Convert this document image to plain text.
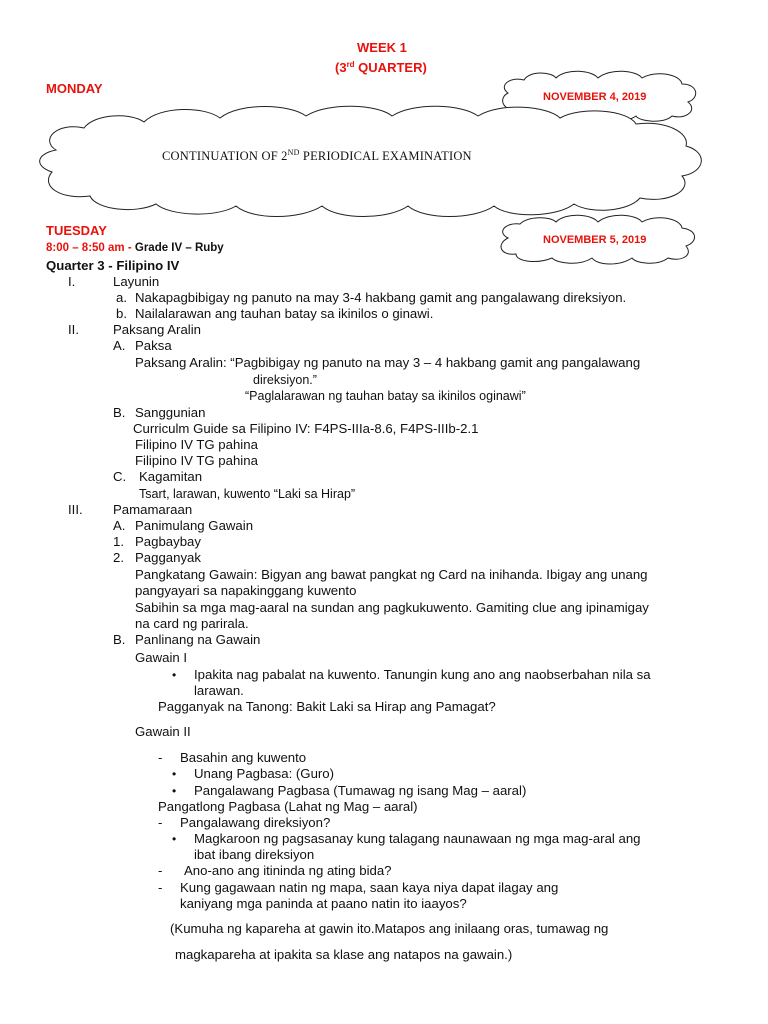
WEEK 1
(3rd QUARTER)
MONDAY
NOVEMBER 4, 2019
CONTINUATION OF 2ND PERIODICAL EXAMINATION
TUESDAY
NOVEMBER 5, 2019
8:00 – 8:50 am - Grade IV – Ruby
Quarter 3 - Filipino IV
I.	Layunin
a. Nakapagbibigay ng panuto na may 3-4 hakbang gamit ang pangalawang direksiyon.
b. Nailalarawan ang tauhan batay sa ikinilos o ginawi.
II.	Paksang Aralin
A. Paksa
Paksang Aralin: “Pagbibigay ng panuto na may 3 – 4 hakbang gamit ang pangalawang
direksiyon.”
“Paglalarawan ng tauhan batay sa ikinilos oginawi”
B. Sanggunian
Curriculm Guide sa Filipino IV: F4PS-IIIa-8.6, F4PS-IIIb-2.1
Filipino IV TG pahina
Filipino IV TG pahina
C. Kagamitan
Tsart, larawan, kuwento “Laki sa Hirap”
III. Pamamaraan
A. Panimulang Gawain
1. Pagbaybay
2. Pagganyak
Pangkatang Gawain: Bigyan ang bawat pangkat ng Card na inihanda. Ibigay ang unang
pangyayari sa napakinggang kuwento
Sabihin sa mga mag-aaral na sundan ang pagkukuwento. Gamiting clue ang ipinamigay
na card ng parirala.
B. Panlinang na Gawain
Gawain I
• Ipakita nag pabalat na kuwento. Tanungin kung ano ang naobserbahan nila sa
larawan.
Pagganyak na Tanong: Bakit Laki sa Hirap ang Pamagat?
Gawain II
- Basahin ang kuwento
• Unang Pagbasa: (Guro)
• Pangalawang Pagbasa (Tumawag ng isang Mag – aaral)
Pangatlong Pagbasa (Lahat ng Mag – aaral)
- Pangalawang direksiyon?
• Magkaroon ng pagsasanay kung talagang naunawaan ng mga mag-aral ang
ibat ibang direksiyon
- Ano-ano ang itininda ng ating bida?
- Kung gagawaan natin ng mapa, saan kaya niya dapat ilagay ang
kaniyang mga paninda at paano natin ito iaayos?
(Kumuha ng kapareha at gawin ito.Matapos ang inilaang oras, tumawag ng
magkapareha at ipakita sa klase ang natapos na gawain.)
